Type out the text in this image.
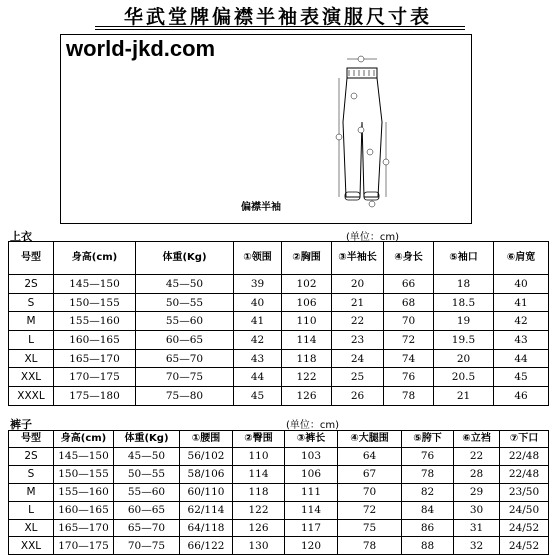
华武堂牌偏襟半袖表演服尺寸表
world-jkd.com
偏襟半袖
上衣	(单位：cm)
号型	身高(cm)	体重(Kg)	①领围	②胸围	③半袖长	④身长	⑤袖口	⑥肩宽
2S	145—150	45—50	39	102	20	66	18	40
S	150—155	50—55	40	106	21	68	18.5	41
M	155—160	55—60	41	110	22	70	19	42
L	160—165	60—65	42	114	23	72	19.5	43
XL	165—170	65—70	43	118	24	74	20	44
XXL	170—175	70—75	44	122	25	76	20.5	45
XXXL	175—180	75—80	45	126	26	78	21	46
裤子	(单位：cm)
号型	身高(cm)	体重(Kg)	①腰围	②臀围	③裤长	④大腿围	⑤胯下	⑥立裆	⑦下口
2S	145—150	45—50	56/102	110	103	64	76	22	22/48
S	150—155	50—55	58/106	114	106	67	78	28	22/48
M	155—160	55—60	60/110	118	111	70	82	29	23/50
L	160—165	60—65	62/114	122	114	72	84	30	24/50
XL	165—170	65—70	64/118	126	117	75	86	31	24/52
XXL	170—175	70—75	66/122	130	120	78	88	32	24/52
